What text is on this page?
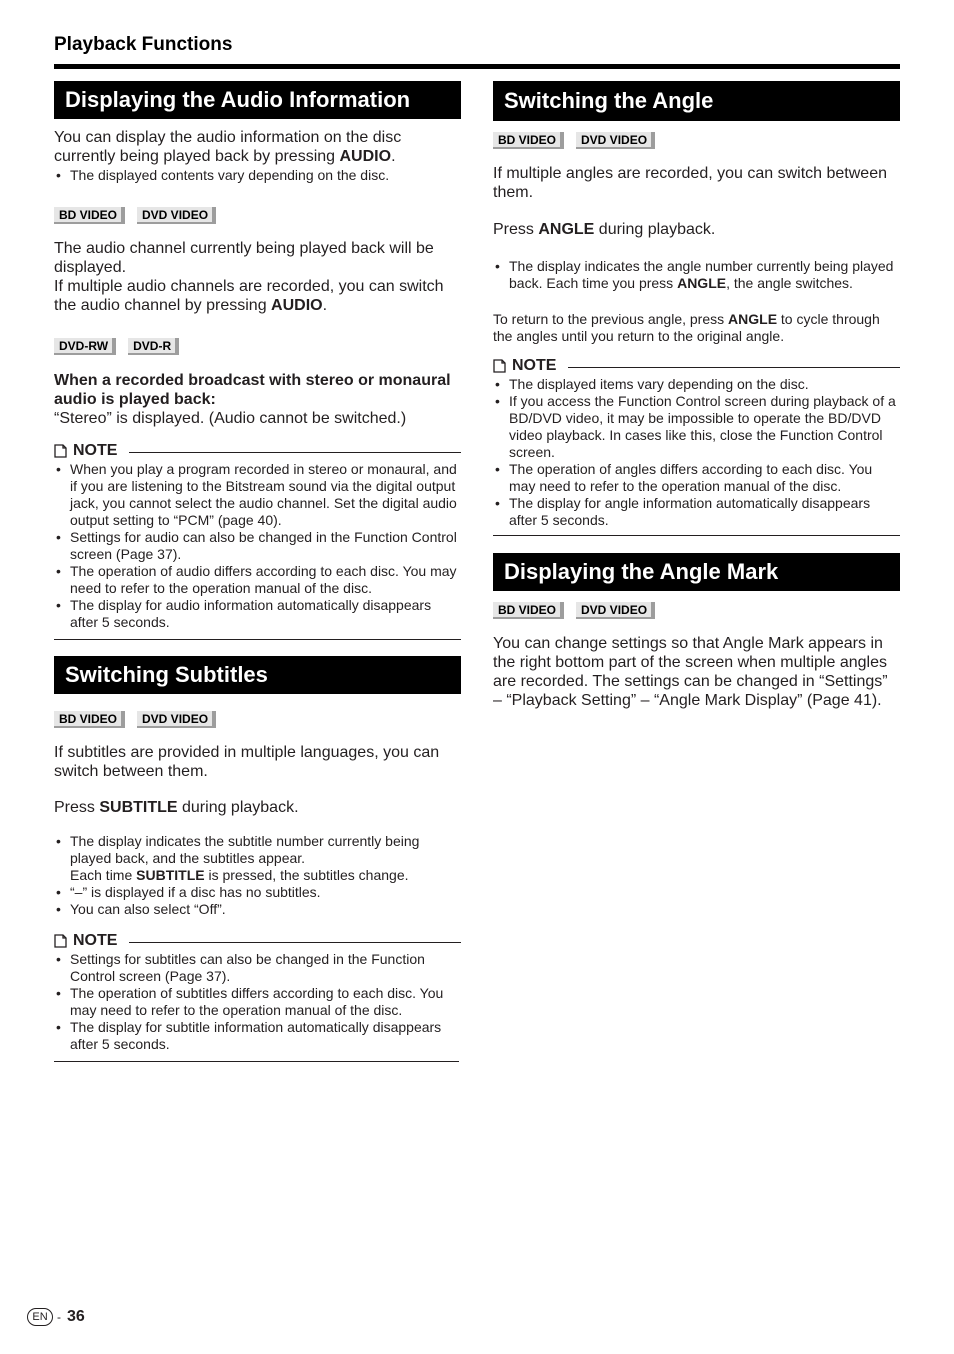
Playback Functions
Displaying the Audio Information
You can display the audio information on the disc currently being played back by pressing AUDIO.
• The displayed contents vary depending on the disc.
BD VIDEO	DVD VIDEO
The audio channel currently being played back will be displayed.
If multiple audio channels are recorded, you can switch the audio channel by pressing AUDIO.
DVD-RW	DVD-R
When a recorded broadcast with stereo or monaural audio is played back:
“Stereo” is displayed. (Audio cannot be switched.)
NOTE
• When you play a program recorded in stereo or monaural, and if you are listening to the Bitstream sound via the digital output jack, you cannot select the audio channel. Set the digital audio output setting to “PCM” (page 40).
• Settings for audio can also be changed in the Function Control screen (Page 37).
• The operation of audio differs according to each disc. You may need to refer to the operation manual of the disc.
• The display for audio information automatically disappears after 5 seconds.
Switching Subtitles
BD VIDEO	DVD VIDEO
If subtitles are provided in multiple languages, you can switch between them.
Press SUBTITLE during playback.
• The display indicates the subtitle number currently being played back, and the subtitles appear.
Each time SUBTITLE is pressed, the subtitles change.
• “–” is displayed if a disc has no subtitles.
• You can also select “Off”.
NOTE
• Settings for subtitles can also be changed in the Function Control screen (Page 37).
• The operation of subtitles differs according to each disc. You may need to refer to the operation manual of the disc.
• The display for subtitle information automatically disappears after 5 seconds.
Switching the Angle
BD VIDEO	DVD VIDEO
If multiple angles are recorded, you can switch between them.
Press ANGLE during playback.
• The display indicates the angle number currently being played back. Each time you press ANGLE, the angle switches.
To return to the previous angle, press ANGLE to cycle through the angles until you return to the original angle.
NOTE
• The displayed items vary depending on the disc.
• If you access the Function Control screen during playback of a BD/DVD video, it may be impossible to operate the BD/DVD video playback. In cases like this, close the Function Control screen.
• The operation of angles differs according to each disc. You may need to refer to the operation manual of the disc.
• The display for angle information automatically disappears after 5 seconds.
Displaying the Angle Mark
BD VIDEO	DVD VIDEO
You can change settings so that Angle Mark appears in the right bottom part of the screen when multiple angles are recorded. The settings can be changed in “Settings” – “Playback Setting” – “Angle Mark Display” (Page 41).
EN - 36
